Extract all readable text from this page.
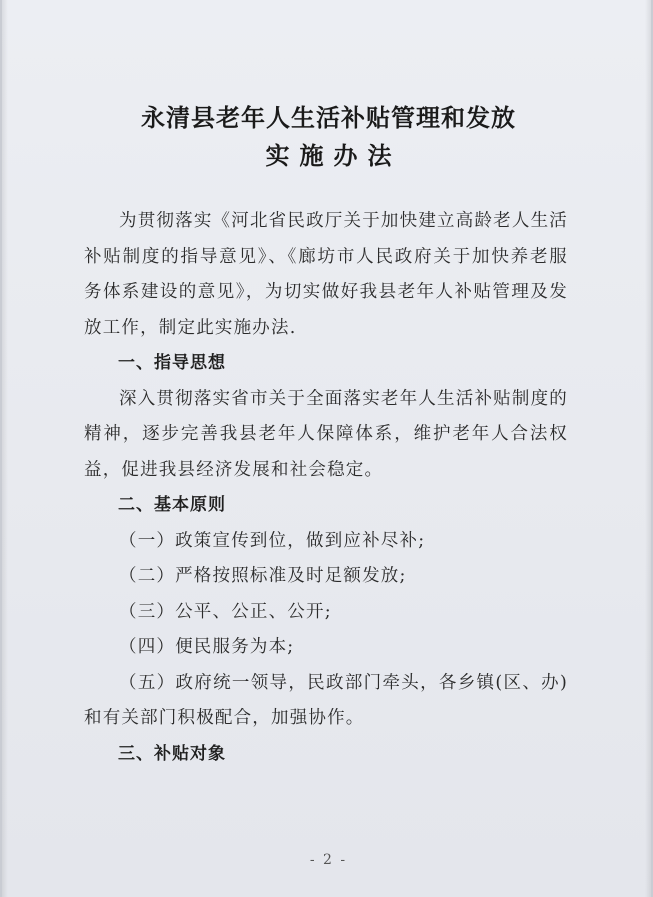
永清县老年人生活补贴管理和发放
实施办法

为贯彻落实《河北省民政厅关于加快建立高龄老人生活补贴制度的指导意见》、《廊坊市人民政府关于加快养老服务体系建设的意见》，为切实做好我县老年人补贴管理及发放工作，制定此实施办法.

一、指导思想

深入贯彻落实省市关于全面落实老年人生活补贴制度的精神，逐步完善我县老年人保障体系，维护老年人合法权益，促进我县经济发展和社会稳定。

二、基本原则

（一）政策宣传到位，做到应补尽补;

（二）严格按照标准及时足额发放;

（三）公平、公正、公开;

（四）便民服务为本;

（五）政府统一领导，民政部门牵头，各乡镇(区、办)和有关部门积极配合，加强协作。

三、补贴对象

- 2 -
